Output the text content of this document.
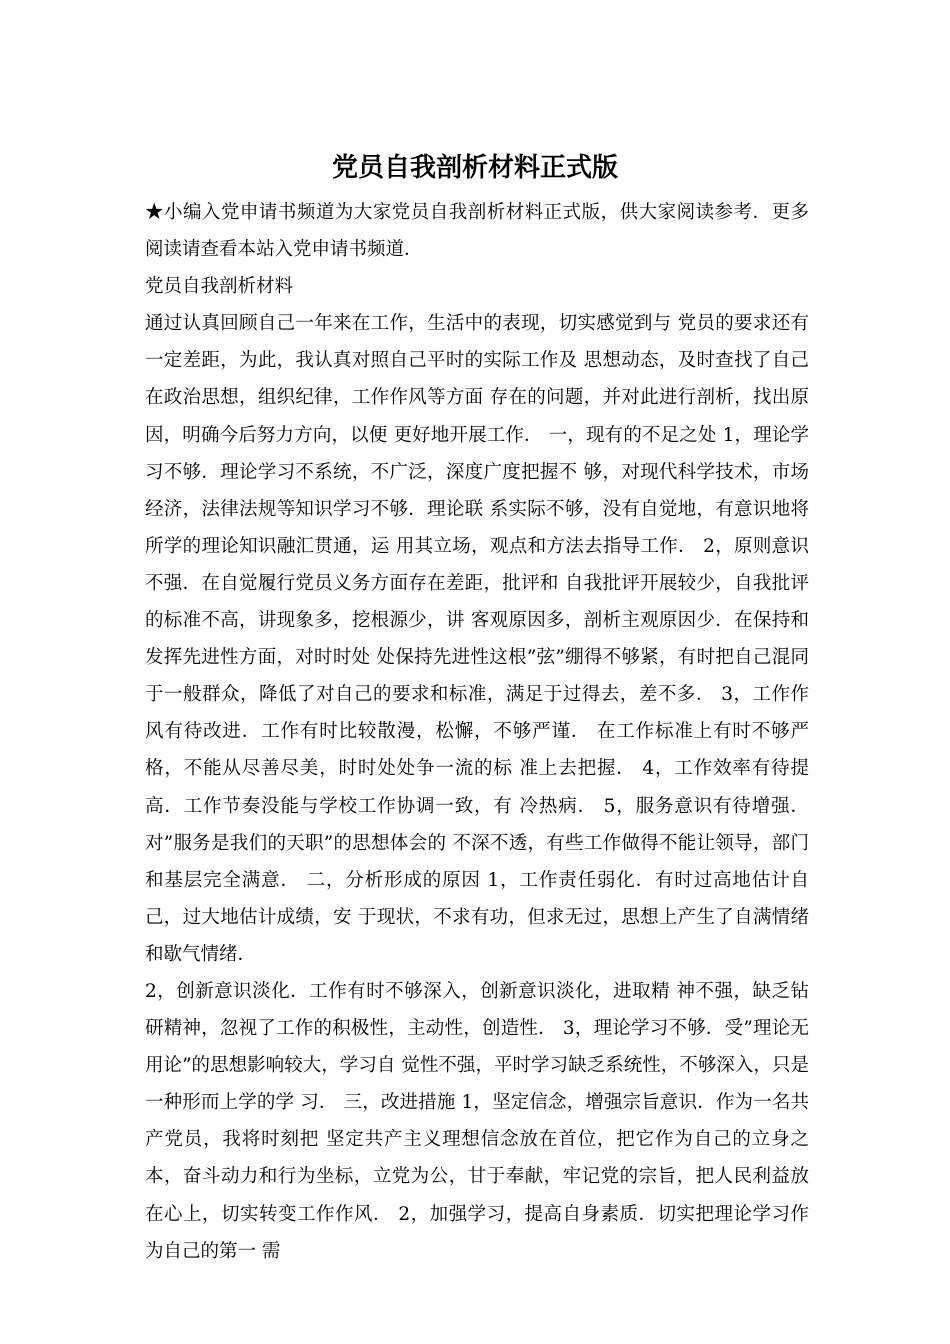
党员自我剖析材料正式版

★小编入党申请书频道为大家党员自我剖析材料正式版，供大家阅读参考．更多阅读请查看本站入党申请书频道．

党员自我剖析材料

通过认真回顾自己一年来在工作，生活中的表现，切实感觉到与 党员的要求还有一定差距，为此，我认真对照自己平时的实际工作及 思想动态，及时查找了自己在政治思想，组织纪律，工作作风等方面 存在的问题，并对此进行剖析，找出原因，明确今后努力方向，以便 更好地开展工作． 一，现有的不足之处 1，理论学习不够．理论学习不系统，不广泛，深度广度把握不 够，对现代科学技术，市场经济，法律法规等知识学习不够．理论联 系实际不够，没有自觉地，有意识地将所学的理论知识融汇贯通，运 用其立场，观点和方法去指导工作． 2，原则意识不强．在自觉履行党员义务方面存在差距，批评和 自我批评开展较少，自我批评的标准不高，讲现象多，挖根源少，讲 客观原因多，剖析主观原因少．在保持和发挥先进性方面，对时时处 处保持先进性这根”弦”绷得不够紧，有时把自己混同于一般群众，降低了对自己的要求和标准，满足于过得去，差不多． 3，工作作风有待改进．工作有时比较散漫，松懈，不够严谨． 在工作标准上有时不够严格，不能从尽善尽美，时时处处争一流的标 准上去把握． 4，工作效率有待提高．工作节奏没能与学校工作协调一致，有 冷热病． 5，服务意识有待增强．对”服务是我们的天职”的思想体会的 不深不透，有些工作做得不能让领导，部门和基层完全满意． 二，分析形成的原因 1，工作责任弱化．有时过高地估计自己，过大地估计成绩，安 于现状，不求有功，但求无过，思想上产生了自满情绪和歇气情绪．

2，创新意识淡化．工作有时不够深入，创新意识淡化，进取精 神不强，缺乏钻研精神，忽视了工作的积极性，主动性，创造性． 3，理论学习不够．受”理论无用论”的思想影响较大，学习自 觉性不强，平时学习缺乏系统性，不够深入，只是一种形而上学的学 习． 三，改进措施 1，坚定信念，增强宗旨意识．作为一名共产党员，我将时刻把 坚定共产主义理想信念放在首位，把它作为自己的立身之本，奋斗动力和行为坐标，立党为公，甘于奉献，牢记党的宗旨，把人民利益放 在心上，切实转变工作作风． 2，加强学习，提高自身素质．切实把理论学习作为自己的第一 需
